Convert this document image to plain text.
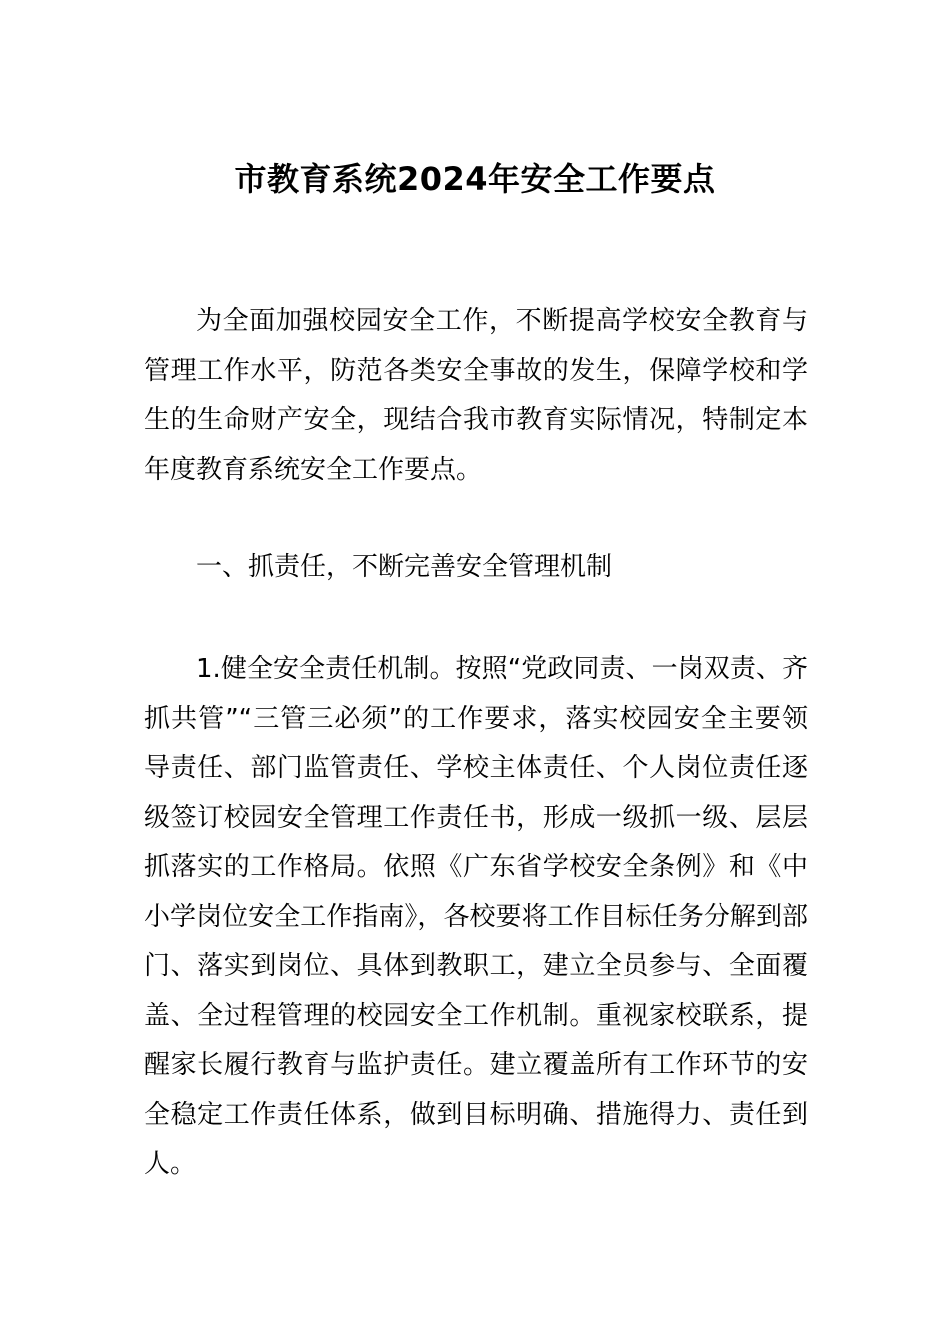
市教育系统2024年安全工作要点

为全面加强校园安全工作，不断提高学校安全教育与管理工作水平，防范各类安全事故的发生，保障学校和学生的生命财产安全，现结合我市教育实际情况，特制定本年度教育系统安全工作要点。

一、抓责任，不断完善安全管理机制

1.健全安全责任机制。按照“党政同责、一岗双责、齐抓共管”“三管三必须”的工作要求，落实校园安全主要领导责任、部门监管责任、学校主体责任、个人岗位责任逐级签订校园安全管理工作责任书，形成一级抓一级、层层抓落实的工作格局。依照《广东省学校安全条例》和《中小学岗位安全工作指南》，各校要将工作目标任务分解到部门、落实到岗位、具体到教职工，建立全员参与、全面覆盖、全过程管理的校园安全工作机制。重视家校联系，提醒家长履行教育与监护责任。建立覆盖所有工作环节的安全稳定工作责任体系，做到目标明确、措施得力、责任到人。
